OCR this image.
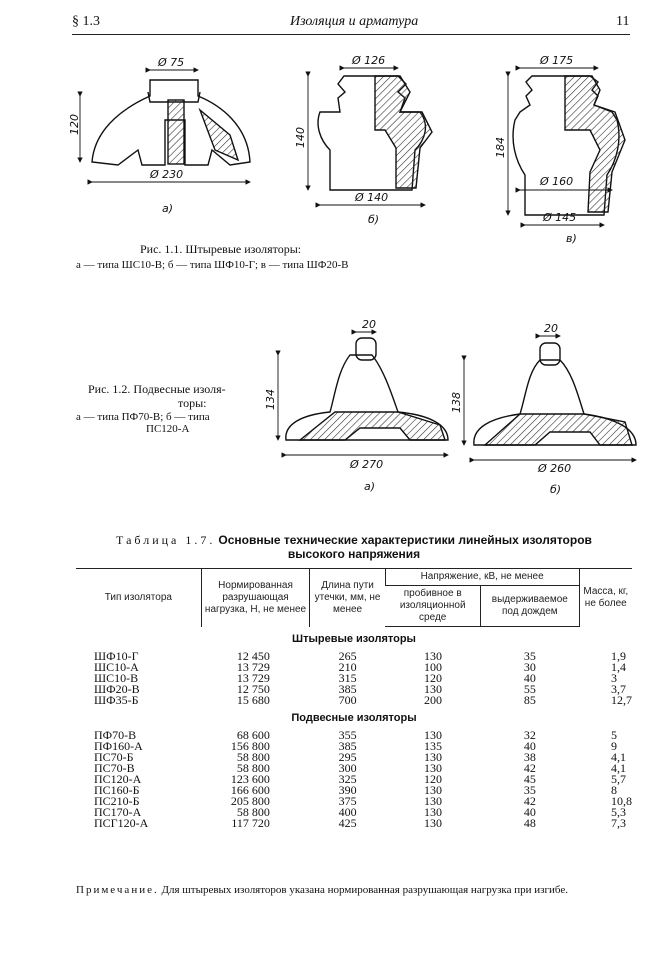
§ 1.3	Изоляция и арматура	11
Ø 75
120
Ø 230
Ø 126
140
Ø 140
Ø 175
184
Ø 160
Ø 145
а)
б)
в)
20
134
Ø 270
20
138
Ø 260
а)	б)
Рис. 1.1. Штыревые изоляторы:
а — типа ШС10-В; б — типа ШФ10-Г; в — типа ШФ20-В
Рис. 1.2. Подвесные изоля-
торы:
а — типа ПФ70-В; б — типа
ПС120-А
Таблица 1.7. Основные технические характеристики линейных изоляторов
высокого напряжения
Тип изолятора	Нормированная разрушающая нагрузка, Н, не менее	Длина пути утечки, мм, не менее	Напряжение, кВ, не менее		Масса, кг, не более
			пробивное в изоляционной среде	выдерживаемое под дождем	
Штыревые изоляторы					
ШФ10-Г	12 450	265	130	35	1,9
ШС10-А	13 729	210	100	30	1,4
ШС10-В	13 729	315	120	40	3
ШФ20-В	12 750	385	130	55	3,7
ШФ35-Б	15 680	700	200	85	12,7
Подвесные изоляторы					
ПФ70-В	68 600	355	130	32	5
ПФ160-А	156 800	385	135	40	9
ПС70-Б	58 800	295	130	38	4,1
ПС70-В	58 800	300	130	42	4,1
ПС120-А	123 600	325	120	45	5,7
ПС160-Б	166 600	390	130	35	8
ПС210-Б	205 800	375	130	42	10,8
ПС170-А	58 800	400	130	40	5,3
ПСГ120-А	117 720	425	130	48	7,3
Примечание. Для штыревых изоляторов указана нормированная разрушающая нагрузка при изгибе.
